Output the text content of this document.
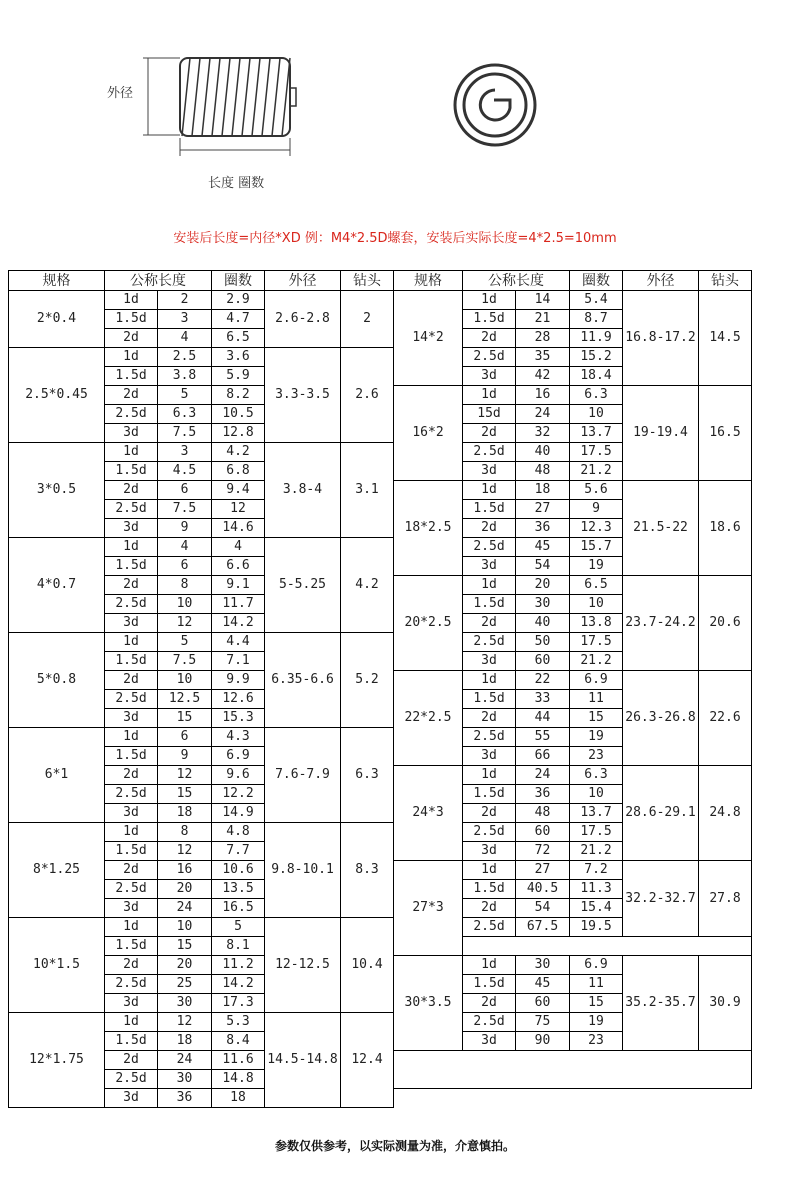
外径
长度 圈数
安装后长度=内径*XD 例：M4*2.5D螺套，安装后实际长度=4*2.5=10mm
规格	公称长度		圈数	外径	钻头
2*0.4	1d	2	2.9	2.6-2.8	2
	1.5d	3	4.7		
	2d	4	6.5		
2.5*0.45	1d	2.5	3.6	3.3-3.5	2.6
	1.5d	3.8	5.9		
	2d	5	8.2		
	2.5d	6.3	10.5		
	3d	7.5	12.8		
3*0.5	1d	3	4.2	3.8-4	3.1
	1.5d	4.5	6.8		
	2d	6	9.4		
	2.5d	7.5	12		
	3d	9	14.6		
4*0.7	1d	4	4	5-5.25	4.2
	1.5d	6	6.6		
	2d	8	9.1		
	2.5d	10	11.7		
	3d	12	14.2		
5*0.8	1d	5	4.4	6.35-6.6	5.2
	1.5d	7.5	7.1		
	2d	10	9.9		
	2.5d	12.5	12.6		
	3d	15	15.3		
6*1	1d	6	4.3	7.6-7.9	6.3
	1.5d	9	6.9		
	2d	12	9.6		
	2.5d	15	12.2		
	3d	18	14.9		
8*1.25	1d	8	4.8	9.8-10.1	8.3
	1.5d	12	7.7		
	2d	16	10.6		
	2.5d	20	13.5		
	3d	24	16.5		
10*1.5	1d	10	5	12-12.5	10.4
	1.5d	15	8.1		
	2d	20	11.2		
	2.5d	25	14.2		
	3d	30	17.3		
12*1.75	1d	12	5.3	14.5-14.8	12.4
	1.5d	18	8.4		
	2d	24	11.6		
	2.5d	30	14.8		
	3d	36	18		
规格	公称长度		圈数	外径	钻头
14*2	1d	14	5.4	16.8-17.2	14.5
	1.5d	21	8.7		
	2d	28	11.9		
	2.5d	35	15.2		
	3d	42	18.4		
16*2	1d	16	6.3	19-19.4	16.5
	15d	24	10		
	2d	32	13.7		
	2.5d	40	17.5		
	3d	48	21.2		
18*2.5	1d	18	5.6	21.5-22	18.6
	1.5d	27	9		
	2d	36	12.3		
	2.5d	45	15.7		
	3d	54	19		
20*2.5	1d	20	6.5	23.7-24.2	20.6
	1.5d	30	10		
	2d	40	13.8		
	2.5d	50	17.5		
	3d	60	21.2		
22*2.5	1d	22	6.9	26.3-26.8	22.6
	1.5d	33	11		
	2d	44	15		
	2.5d	55	19		
	3d	66	23		
24*3	1d	24	6.3	28.6-29.1	24.8
	1.5d	36	10		
	2d	48	13.7		
	2.5d	60	17.5		
	3d	72	21.2		
27*3	1d	27	7.2	32.2-32.7	27.8
	1.5d	40.5	11.3		
	2d	54	15.4		
	2.5d	67.5	19.5		

30*3.5	1d	30	6.9	35.2-35.7	30.9
	1.5d	45	11		
	2d	60	15		
	2.5d	75	19		
	3d	90	23		

参数仅供参考，以实际测量为准，介意慎拍。
